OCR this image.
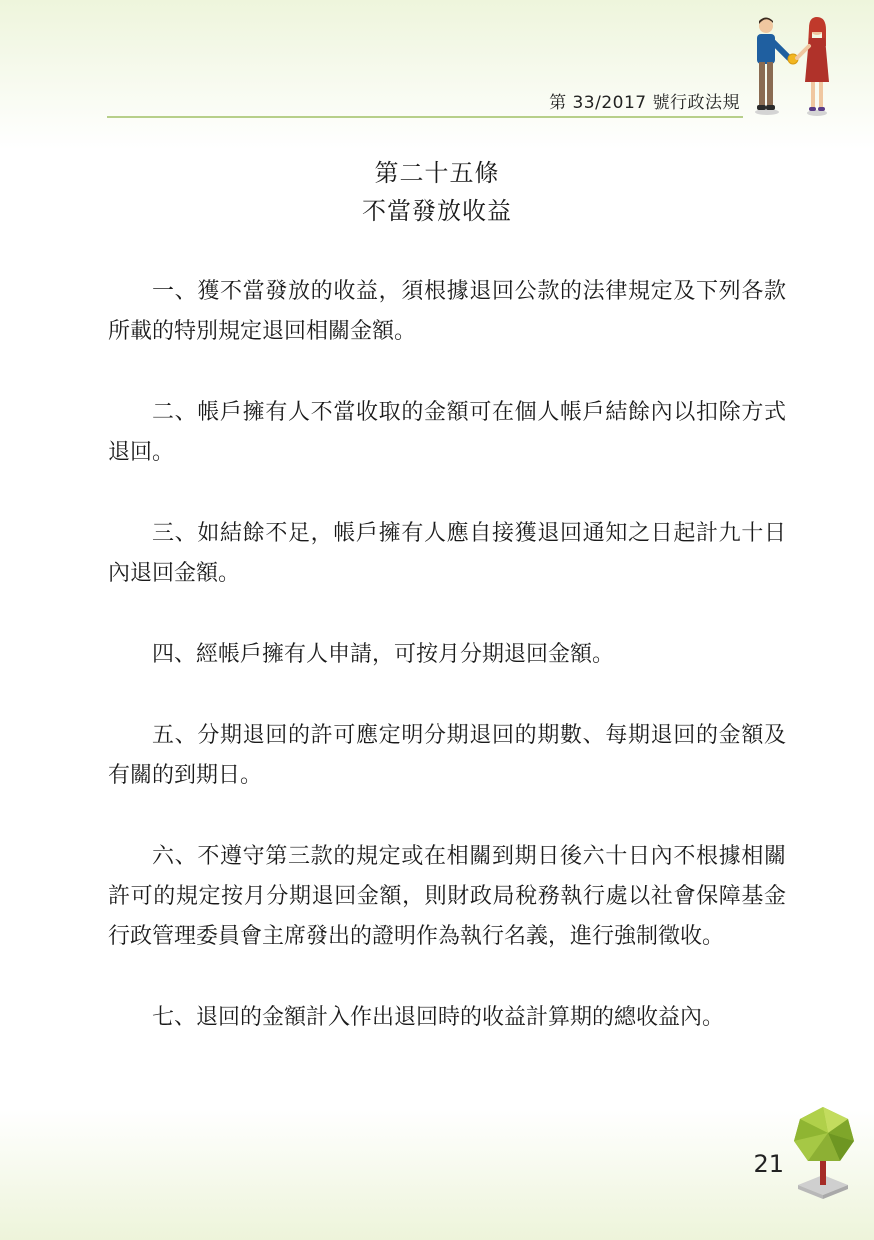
第 33/2017 號行政法規
第二十五條
不當發放收益

一、獲不當發放的收益，須根據退回公款的法律規定及下列各款所載的特別規定退回相關金額。

二、帳戶擁有人不當收取的金額可在個人帳戶結餘內以扣除方式退回。

三、如結餘不足，帳戶擁有人應自接獲退回通知之日起計九十日內退回金額。

四、經帳戶擁有人申請，可按月分期退回金額。

五、分期退回的許可應定明分期退回的期數、每期退回的金額及有關的到期日。

六、不遵守第三款的規定或在相關到期日後六十日內不根據相關許可的規定按月分期退回金額，則財政局稅務執行處以社會保障基金行政管理委員會主席發出的證明作為執行名義，進行強制徵收。

七、退回的金額計入作出退回時的收益計算期的總收益內。

21
